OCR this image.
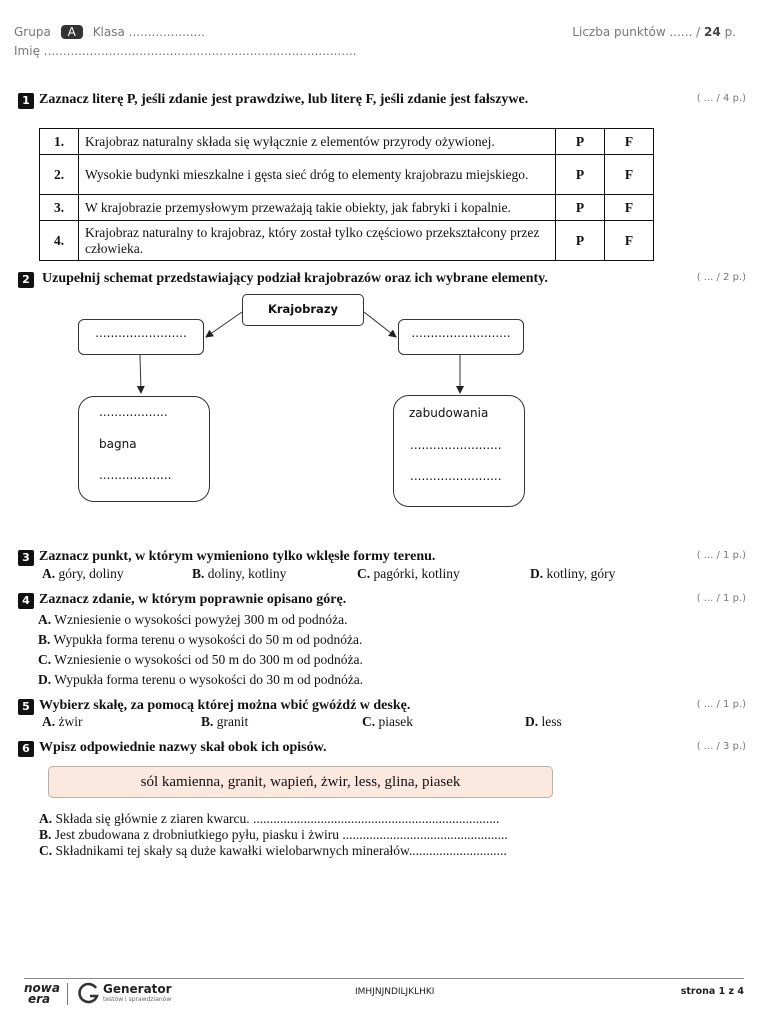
Grupa A Klasa ....................
Imię ..................................................................................
Liczba punktów ...... / 24 p.
1 Zaznacz literę P, jeśli zdanie jest prawdziwe, lub literę F, jeśli zdanie jest fałszywe.	( ... / 4 p.)
1.	Krajobraz naturalny składa się wyłącznie z elementów przyrody ożywionej.	P	F
2.	Wysokie budynki mieszkalne i gęsta sieć dróg to elementy krajobrazu miejskiego.	P	F
3.	W krajobrazie przemysłowym przeważają takie obiekty, jak fabryki i kopalnie.	P	F
4.	Krajobraz naturalny to krajobraz, który został tylko częściowo przekształcony przez człowieka.	P	F
2 Uzupełnij schemat przedstawiający podział krajobrazów oraz ich wybrane elementy.	( ... / 2 p.)
Krajobrazy
........................	..........................
..................
bagna
...................
zabudowania
........................
........................
3 Zaznacz punkt, w którym wymieniono tylko wklęsłe formy terenu.	( ... / 1 p.)
A. góry, doliny	B. doliny, kotliny	C. pagórki, kotliny	D. kotliny, góry
4 Zaznacz zdanie, w którym poprawnie opisano górę.	( ... / 1 p.)
A. Wzniesienie o wysokości powyżej 300 m od podnóża.
B. Wypukła forma terenu o wysokości do 50 m od podnóża.
C. Wzniesienie o wysokości od 50 m do 300 m od podnóża.
D. Wypukła forma terenu o wysokości do 30 m od podnóża.
5 Wybierz skałę, za pomocą której można wbić gwóźdź w deskę.	( ... / 1 p.)
A. żwir	B. granit	C. piasek	D. less
6 Wpisz odpowiednie nazwy skał obok ich opisów.	( ... / 3 p.)
sól kamienna, granit, wapień, żwir, less, glina, piasek
A. Składa się głównie z ziaren kwarcu. .........................................................................
B. Jest zbudowana z drobniutkiego pyłu, piasku i żwiru .................................................
C. Składnikami tej skały są duże kawałki wielobarwnych minerałów.............................
nowa
era
Generator
testów i sprawdzianów
IMHJNJNDILJKLHKI	strona 1 z 4
